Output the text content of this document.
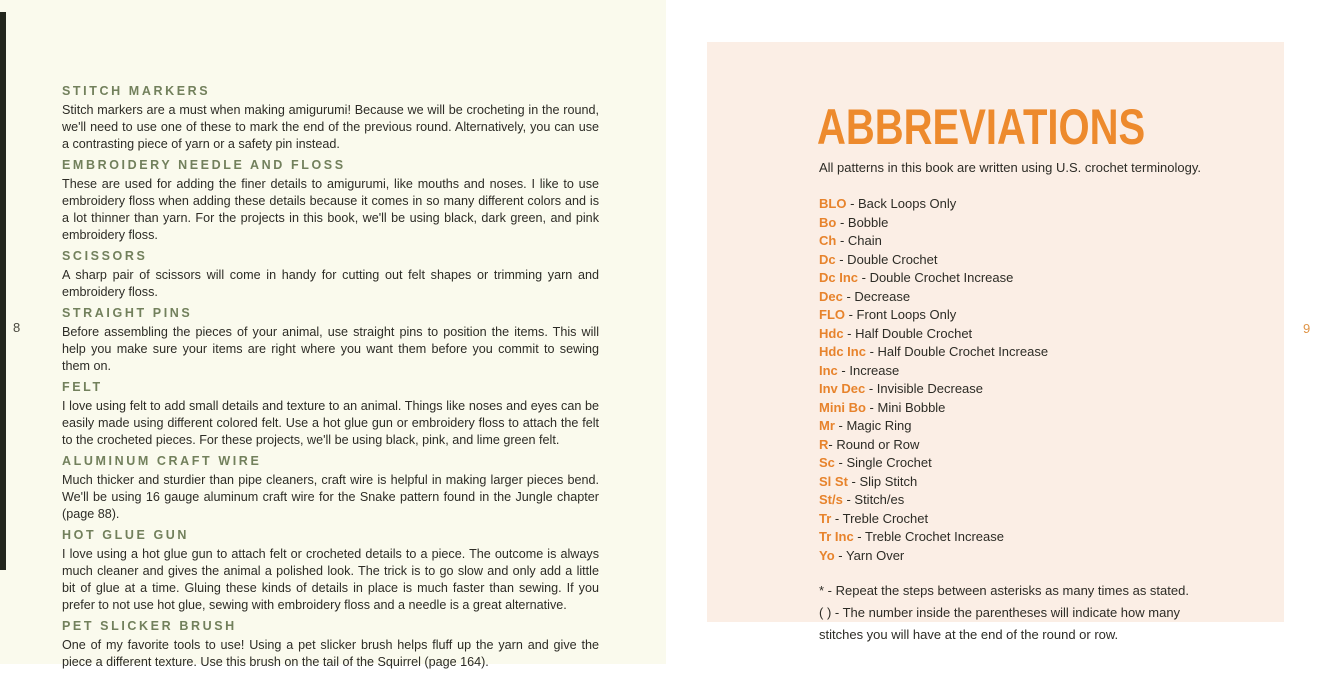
8
STITCH MARKERS

Stitch markers are a must when making amigurumi! Because we will be crocheting in the round, we'll need to use one of these to mark the end of the previous round. Alternatively, you can use a contrasting piece of yarn or a safety pin instead.

EMBROIDERY NEEDLE AND FLOSS

These are used for adding the finer details to amigurumi, like mouths and noses. I like to use embroidery floss when adding these details because it comes in so many different colors and is a lot thinner than yarn. For the projects in this book, we'll be using black, dark green, and pink embroidery floss.

SCISSORS

A sharp pair of scissors will come in handy for cutting out felt shapes or trimming yarn and embroidery floss.

STRAIGHT PINS

Before assembling the pieces of your animal, use straight pins to position the items. This will help you make sure your items are right where you want them before you commit to sewing them on.

FELT

I love using felt to add small details and texture to an animal. Things like noses and eyes can be easily made using different colored felt. Use a hot glue gun or embroidery floss to attach the felt to the crocheted pieces. For these projects, we'll be using black, pink, and lime green felt.

ALUMINUM CRAFT WIRE

Much thicker and sturdier than pipe cleaners, craft wire is helpful in making larger pieces bend. We'll be using 16 gauge aluminum craft wire for the Snake pattern found in the Jungle chapter (page 88).

HOT GLUE GUN

I love using a hot glue gun to attach felt or crocheted details to a piece. The outcome is always much cleaner and gives the animal a polished look. The trick is to go slow and only add a little bit of glue at a time. Gluing these kinds of details in place is much faster than sewing. If you prefer to not use hot glue, sewing with embroidery floss and a needle is a great alternative.

PET SLICKER BRUSH

One of my favorite tools to use! Using a pet slicker brush helps fluff up the yarn and give the piece a different texture. Use this brush on the tail of the Squirrel (page 164).

ABBREVIATIONS

All patterns in this book are written using U.S. crochet terminology.

BLO - Back Loops Only
Bo - Bobble
Ch - Chain
Dc - Double Crochet
Dc Inc - Double Crochet Increase
Dec - Decrease
FLO - Front Loops Only
Hdc - Half Double Crochet
Hdc Inc - Half Double Crochet Increase
Inc - Increase
Inv Dec - Invisible Decrease
Mini Bo - Mini Bobble
Mr - Magic Ring
R- Round or Row
Sc - Single Crochet
Sl St - Slip Stitch
St/s - Stitch/es
Tr - Treble Crochet
Tr Inc - Treble Crochet Increase
Yo - Yarn Over
* - Repeat the steps between asterisks as many times as stated.
( ) - The number inside the parentheses will indicate how many
stitches you will have at the end of the round or row.
9
